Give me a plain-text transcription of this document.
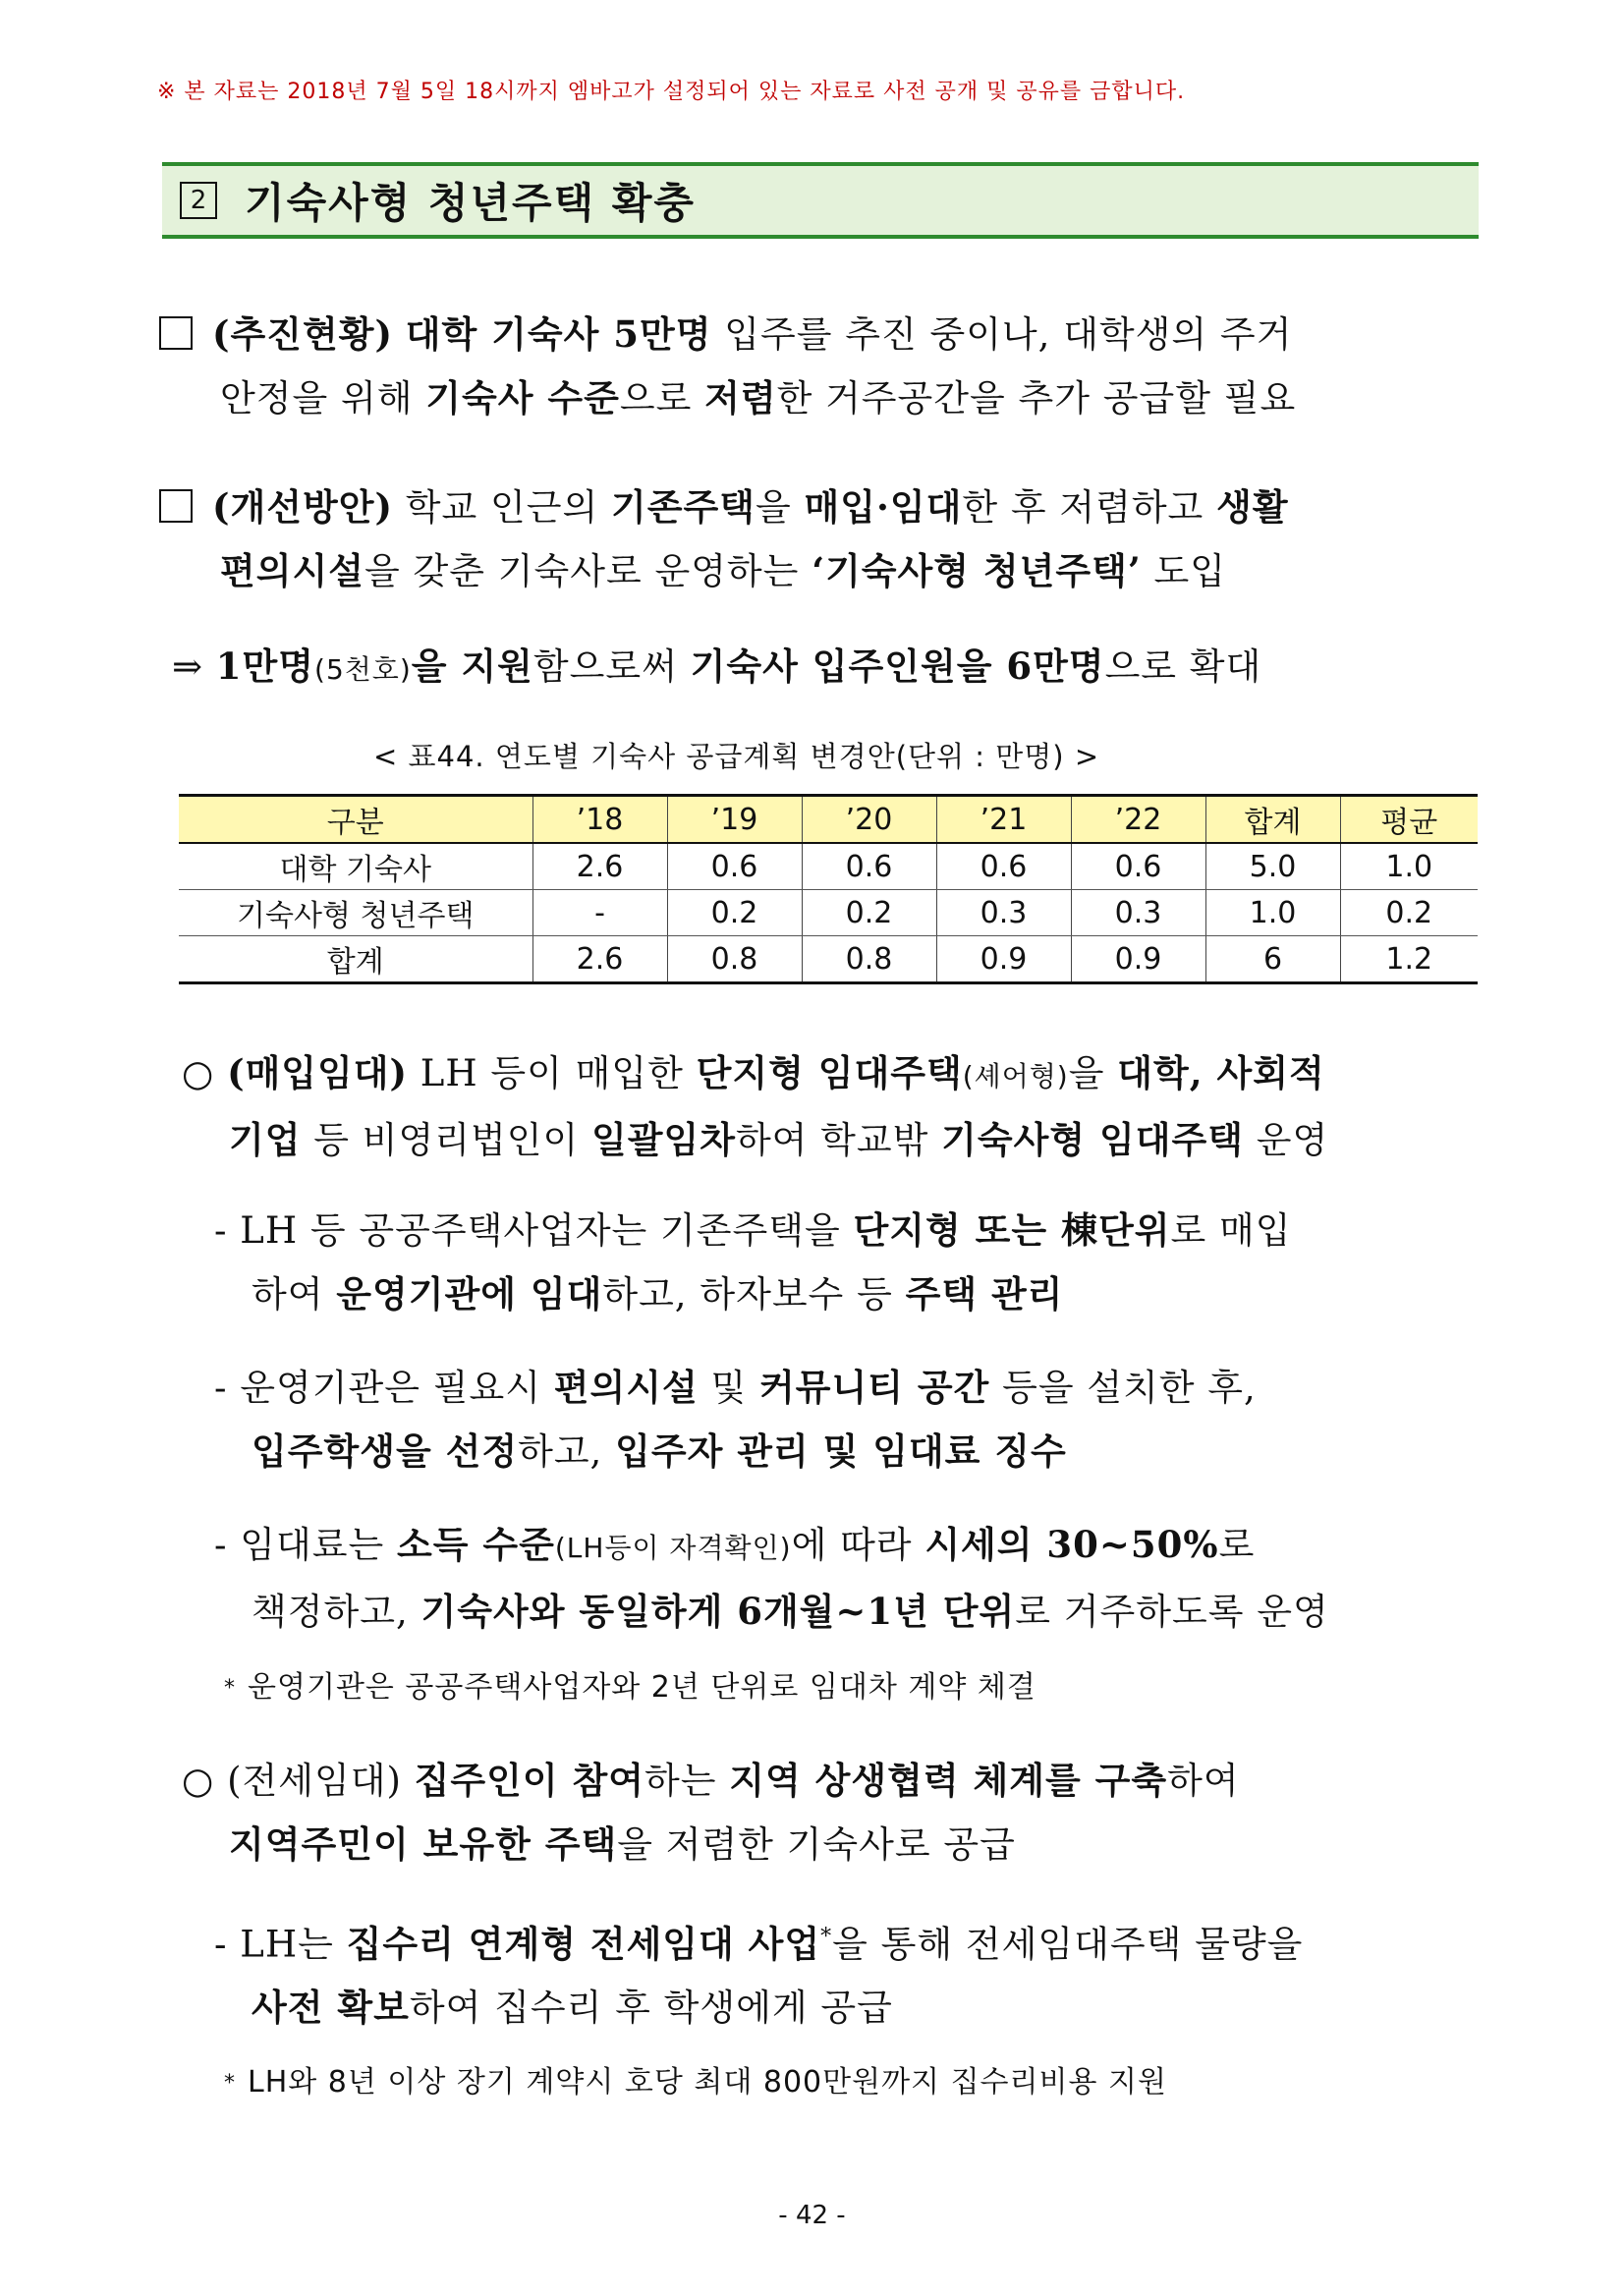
※ 본 자료는 2018년 7월 5일 18시까지 엠바고가 설정되어 있는 자료로 사전 공개 및 공유를 금합니다.
2 기숙사형 청년주택 확충
(추진현황) 대학 기숙사 5만명 입주를 추진 중이나, 대학생의 주거
안정을 위해 기숙사 수준으로 저렴한 거주공간을 추가 공급할 필요
(개선방안) 학교 인근의 기존주택을 매입·임대한 후 저렴하고 생활
편의시설을 갖춘 기숙사로 운영하는 ‘기숙사형 청년주택’ 도입
⇒ 1만명(5천호)을 지원함으로써 기숙사 입주인원을 6만명으로 확대
< 표44. 연도별 기숙사 공급계획 변경안(단위 : 만명) >
구분	’18	’19	’20	’21	’22	합계	평균
대학 기숙사	2.6	0.6	0.6	0.6	0.6	5.0	1.0
기숙사형 청년주택	-	0.2	0.2	0.3	0.3	1.0	0.2
합계	2.6	0.8	0.8	0.9	0.9	6	1.2
○ (매입임대) LH 등이 매입한 단지형 임대주택(셰어형)을 대학, 사회적
기업 등 비영리법인이 일괄임차하여 학교밖 기숙사형 임대주택 운영
- LH 등 공공주택사업자는 기존주택을 단지형 또는 棟단위로 매입
하여 운영기관에 임대하고, 하자보수 등 주택 관리
- 운영기관은 필요시 편의시설 및 커뮤니티 공간 등을 설치한 후,
입주학생을 선정하고, 입주자 관리 및 임대료 징수
- 임대료는 소득 수준(LH등이 자격확인)에 따라 시세의 30~50%로
책정하고, 기숙사와 동일하게 6개월~1년 단위로 거주하도록 운영
* 운영기관은 공공주택사업자와 2년 단위로 임대차 계약 체결
○ (전세임대) 집주인이 참여하는 지역 상생협력 체계를 구축하여
지역주민이 보유한 주택을 저렴한 기숙사로 공급
- LH는 집수리 연계형 전세임대 사업*을 통해 전세임대주택 물량을
사전 확보하여 집수리 후 학생에게 공급
* LH와 8년 이상 장기 계약시 호당 최대 800만원까지 집수리비용 지원
- 42 -
